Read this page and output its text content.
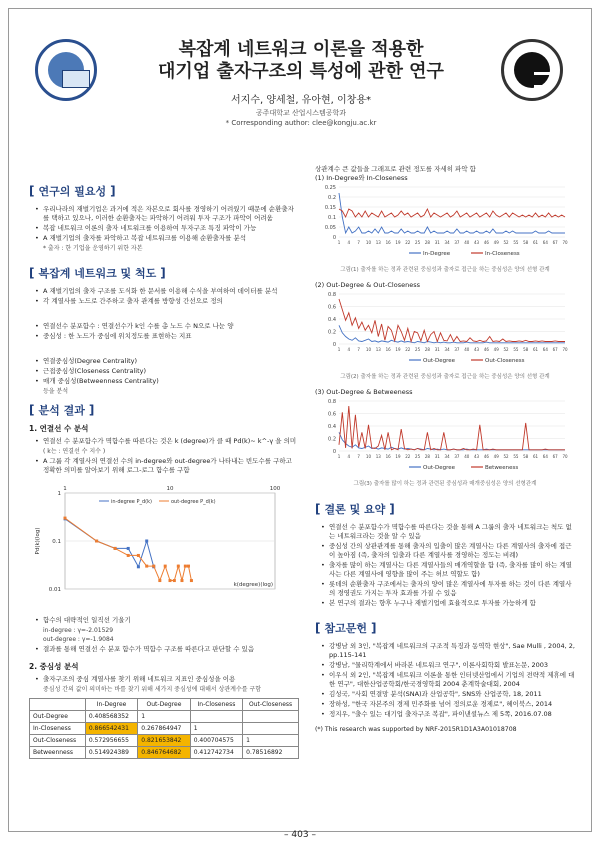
복잡계 네트워크 이론을 적용한
대기업 출자구조의 특성에 관한 연구
서지수, 양세철, 유아현, 이창용*
공주대학교 산업시스템공학과
* Corresponding author: clee@kongju.ac.kr
[ 연구의 필요성 ]
• 우리나라의 재벌기업은 과거에 적은 자본으로 회사를 경영하기 어려웠기 때문에 순환출자를 택하고 있으나, 이러한 순환출자는 파악하기 어려워 투자 구조가 파악이 어려움
• 복잡 네트워크 이론의 출자 네트워크를 이용하여 투자구조 특징 파악이 가능
• A 재벌기업의 출자를 파악하고 복잡 네트워크를 이용해 순환출자를 분석
* 출자 : 한 기업을 운영하기 위한 자본
[ 복잡계 네트워크 및 척도 ]
• A 재벌기업의 출자 구조를 도식화 한 문서를 이용해 수식을 부여하여 데이터를 분석
• 각 계열사를 노드로 간주하고 출자 관계를 방향성 간선으로 정의
• 연결선수 분포함수 : 연결선수가 k인 수를 총 노드 수 N으로 나눈 양
• 중심성 : 한 노드가 중심에 위치정도를 표현하는 지표
• 연결중심성(Degree Centrality)
• 근접중심성(Closeness Centrality)
• 매개 중심성(Betweenness Centrality)
등을 분석
[ 분석 결과 ]
1. 연결선 수 분석
• 연결선 수 분포함수가 멱함수를 따른다는 것은 k (degree)가 클 때 Pd(k)~ k^-γ 을 의미
( k는 : 연결선 수 지수 )
• A 그룹 각 계열사의 연결선 수의 in-degree와 out-degree가 나타내는 빈도수를 구하고 정확한 의미를 알아보기 위해 로그-로그 함수를 구함
1
0.1
0.01
1	10	100
k(degree)(log)
Pd(k)(log)
in-degree P_d(k)	out-degree P_d(k)
• 함수의 대략적인 일직선 기울기
in-degree : γ=-2.01529
out-degree : γ=-1.9084
• 결과를 통해 연결선 수 분포 함수가 멱함수 구조를 따른다고 판단할 수 있음
2. 중심성 분석
• 출자구조의 중심 계열사를 찾기 위해 네트워크 지표인 중심성을 이용
중심성 간의 값이 의미하는 바를 찾기 위해 세가지 중심성에 대해서 상관계수를 구함
	In-Degree	Out-Degree	In-Closeness	Out-Closeness
Out-Degree	0.408568352	1		
In-Closeness	0.866542431	0.267864947	1	
Out-Closeness	0.572956655	0.821653842	0.400704575	1
Betweenness	0.514924389	0.846764682	0.412742734	0.78516892
상관계수 큰 값들을 그래프로 관련 정도를 자세히 파악 함
(1) In-Degree와 In-Closeness
0
0.05
0.1
0.15
0.2
0.25
1 4 7 10 13 16 19 22 25 28 31 34 37 40 43 46 49 52 55 58 61 64 67 70
In-Degree	In-Closeness
그림(1) 출자를 하는 정과 관련된 중심성과 출자로 접근을 하는 중심성은 양의 선형 관계
(2) Out-Degree & Out-Closeness
0
0.2
0.4
0.6
0.8
1 4 7 10 13 16 19 22 25 28 31 34 37 40 43 46 49 52 55 58 61 64 67 70
Out-Degree	Out-Closeness
그림(2) 출자를 하는 정과 관련된 중심성과 출자로 접근을 하는 중심성은 양의 선형 관계
(3) Out-Degree & Betweeness
0
0.2
0.4
0.6
0.8
1 4 7 10 13 16 19 22 25 28 31 34 37 40 43 46 49 52 55 58 61 64 67 70
Out-Degree	Betweeness
그림(3) 출자를 많이 하는 정과 관련된 중심성과 매개중심성은 양의 선형관계
[ 결론 및 요약 ]
• 연결선 수 분포함수가 멱함수를 따른다는 것을 통해 A 그룹의 출자 네트워크는 척도 없는 네트워크라는 것을 알 수 있음
• 중심성 간의 상관관계를 통해 출자의 입출이 많은 계열사는 다른 계열사의 출자에 접근이 높아짐 (즉, 출자의 입출과 다른 계열사를 경영하는 정도는 비례)
• 출자를 많이 하는 계열사는 다른 계열사들의 매개역할을 함 (즉, 출자를 많이 하는 계열사는 다른 계열사에 영향을 많이 주는 허브 역할도 함)
• 롯데의 순환출자 구조에서는 출자의 양이 많은 계열사에 투자를 하는 것이 다른 계열사의 경영권도 가지는 투자 효과를 가질 수 있음
• 본 연구의 결과는 향후 누구나 재벌기업에 효율적으로 투자를 가능하게 함
[ 참고문헌 ]
• 강병남 외 3인, "복잡계 네트워크의 구조적 특징과 동역학 현상", Sae Mulli , 2004, 2, pp.115-141
• 강병남, "물리학계에서 바라본 네트워크 연구", 이론사회학회 발표논문, 2003
• 이우식 외 2인, "복잡계 네트워크 이론을 통한 인터넷산업에서 기업의 전략적 제휴에 대한 연구", 대한산업공학회/한국경영학회 2004 춘계학술대회, 2004
• 김성국, "사회 연결망 분석(SNA)과 산업공학", SNS와 산업공학, 18, 2011
• 장하성, "한국 자본주의 경제 민주화를 넘어 정의로운 경제로", 헤이북스, 2014
• 정지우, "출수 있는 대기업 출자구조 복잡", 파이낸셜뉴스 제 5쪽, 2016.07.08
(*) This research was supported by NRF-2015R1D1A3A01018708
– 403 –
